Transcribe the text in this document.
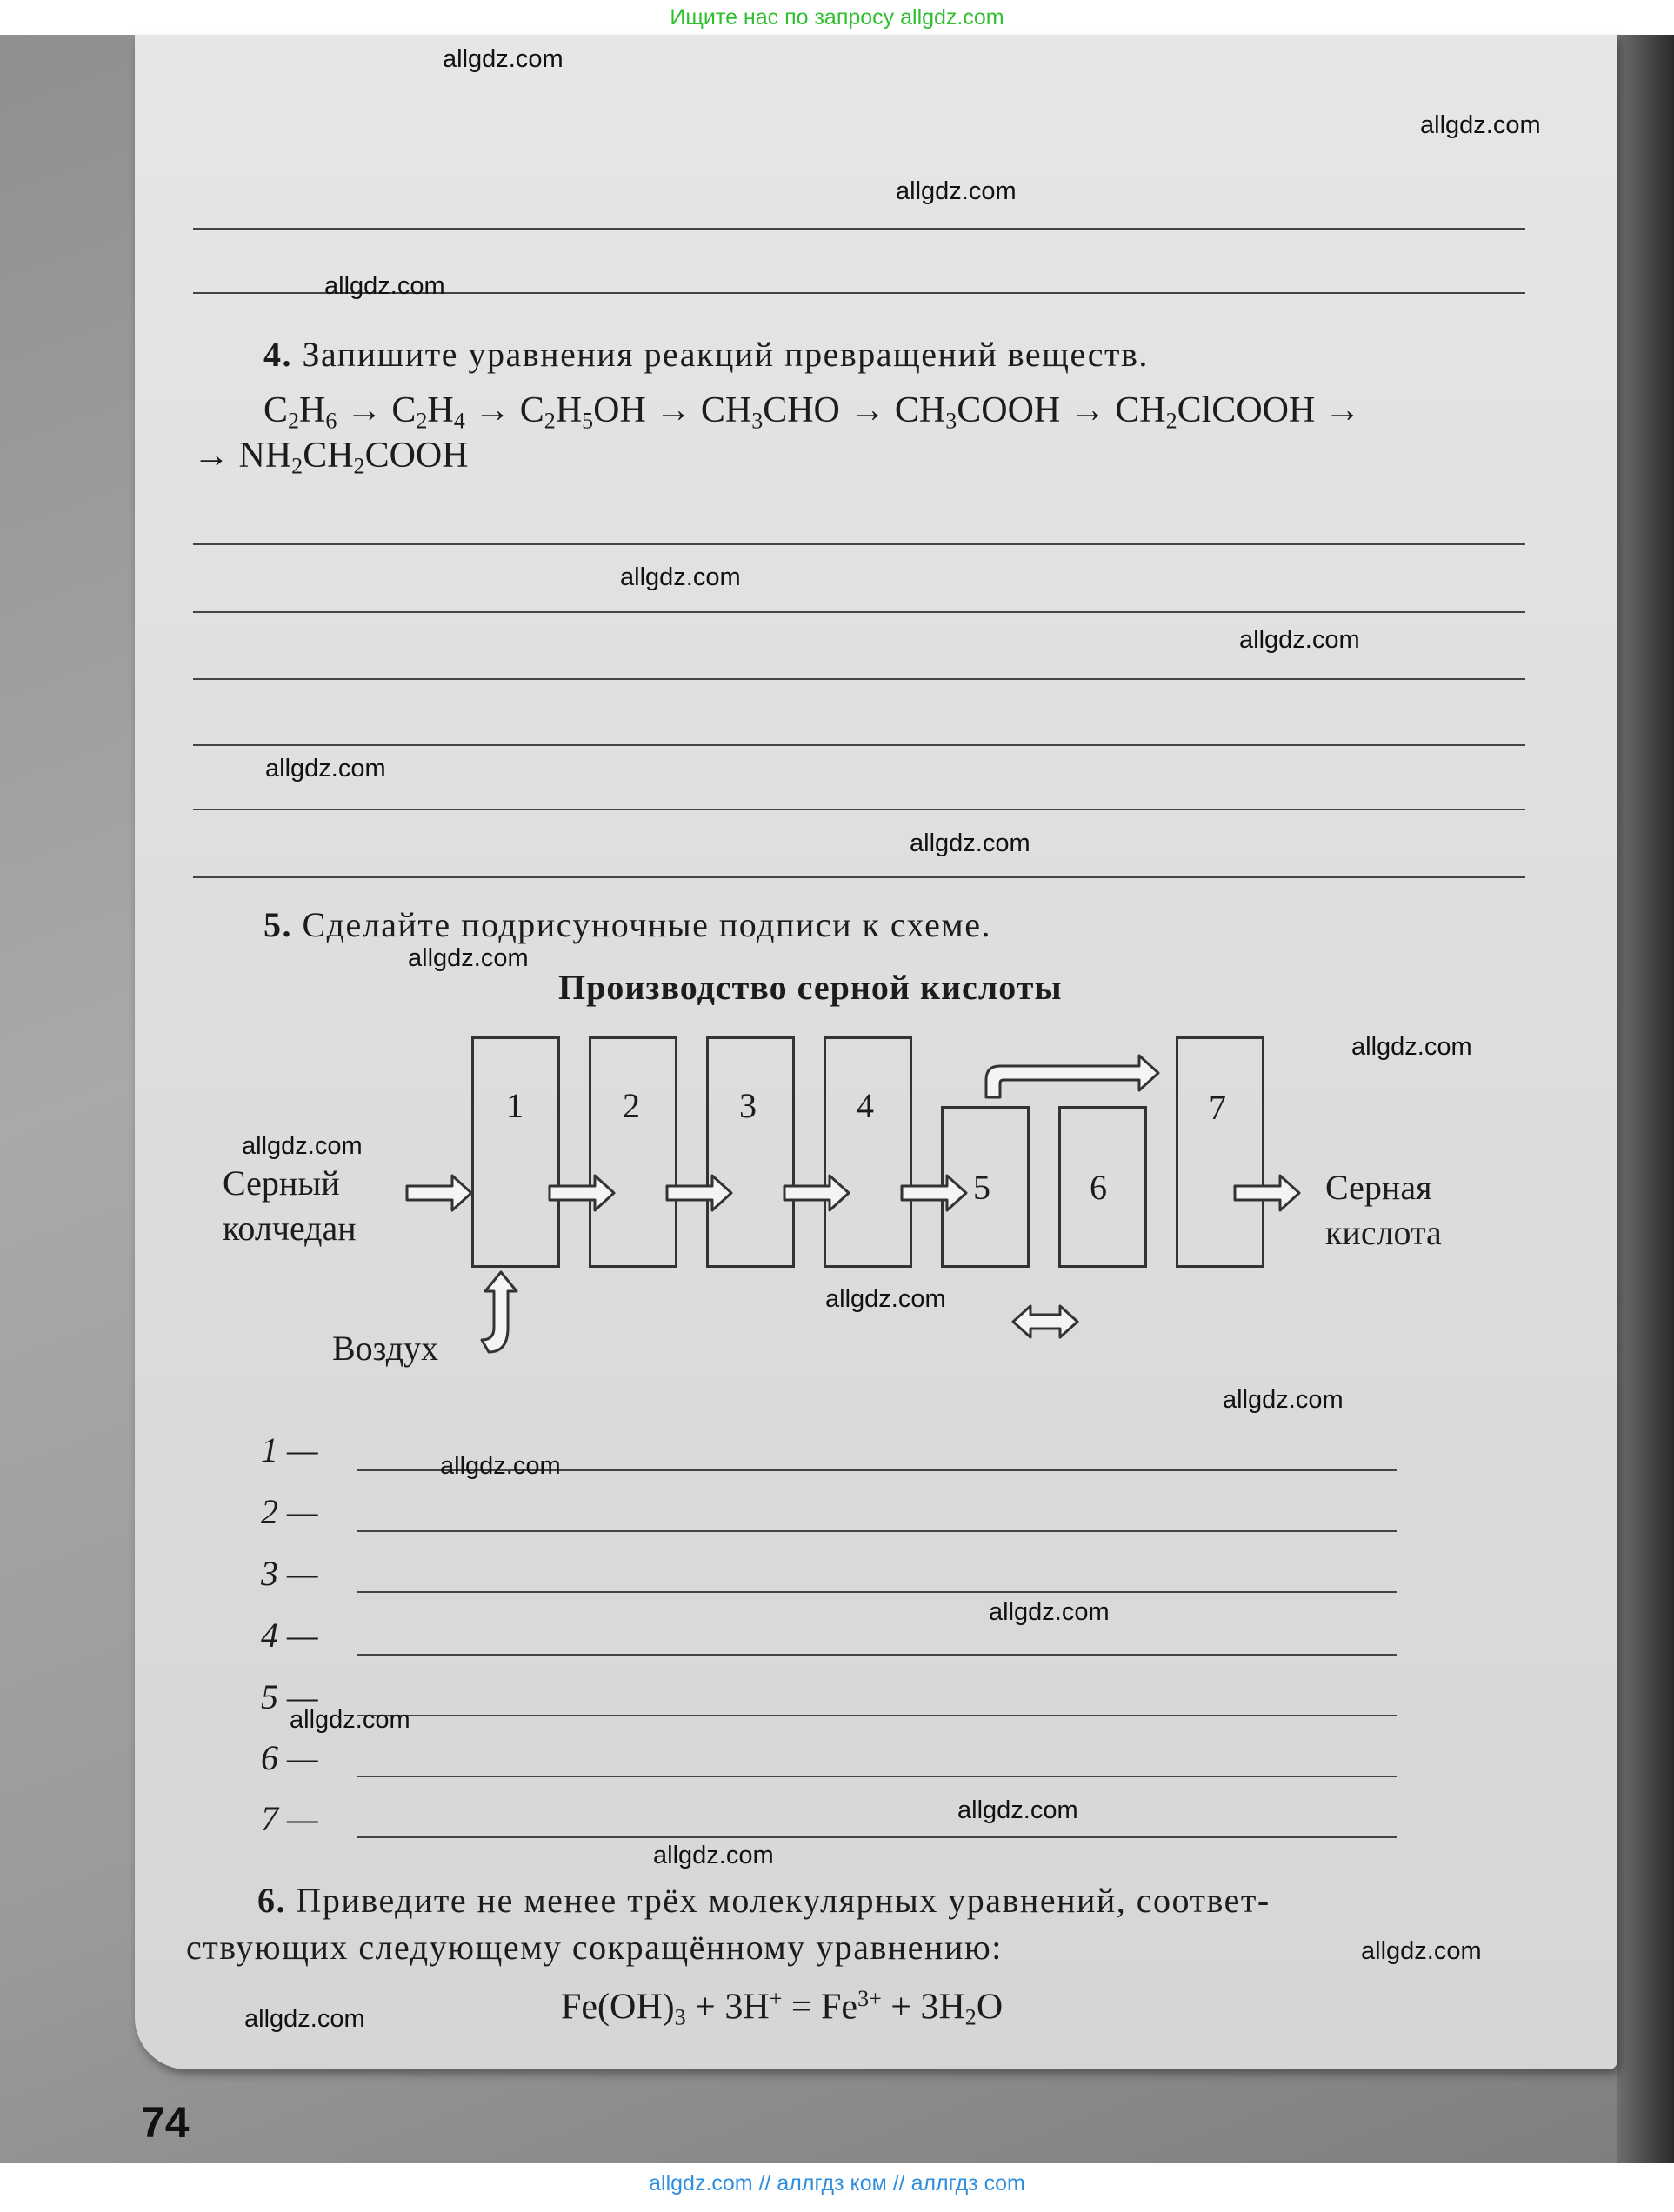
Ищите нас по запросу allgdz.com
4. Запишите уравнения реакций превращений веществ.
$C_2H_6 \to C_2H_4 \to C_2H_5OH \to CH_3CHO$ → $CH_3COOH$ → $CH_2ClCOOH$ →
→ $NH_2CH_2COOH$
5. Сделайте подрисуночные подписи к схеме.
Производство серной кислоты
1	2	3	4
5	6
7
Серный колчедан
Серная кислота
Воздух
1 —
2 —
3 —
4 —
5 —
6 —
7 —
6. Приведите не менее трёх молекулярных уравнений, соответ-
ствующих следующему сокращённому уравнению:
$Fe(OH)_3 + 3H^+ = Fe^{3+} + 3H_2O$
74
allgdz.com
allgdz.com
allgdz.com
allgdz.com
allgdz.com
allgdz.com
allgdz.com
allgdz.com
allgdz.com
allgdz.com
allgdz.com
allgdz.com
allgdz.com
allgdz.com
allgdz.com
allgdz.com
allgdz.com
allgdz.com
allgdz.com
allgdz.com
allgdz.com // аллгдз ком // аллгдз com
